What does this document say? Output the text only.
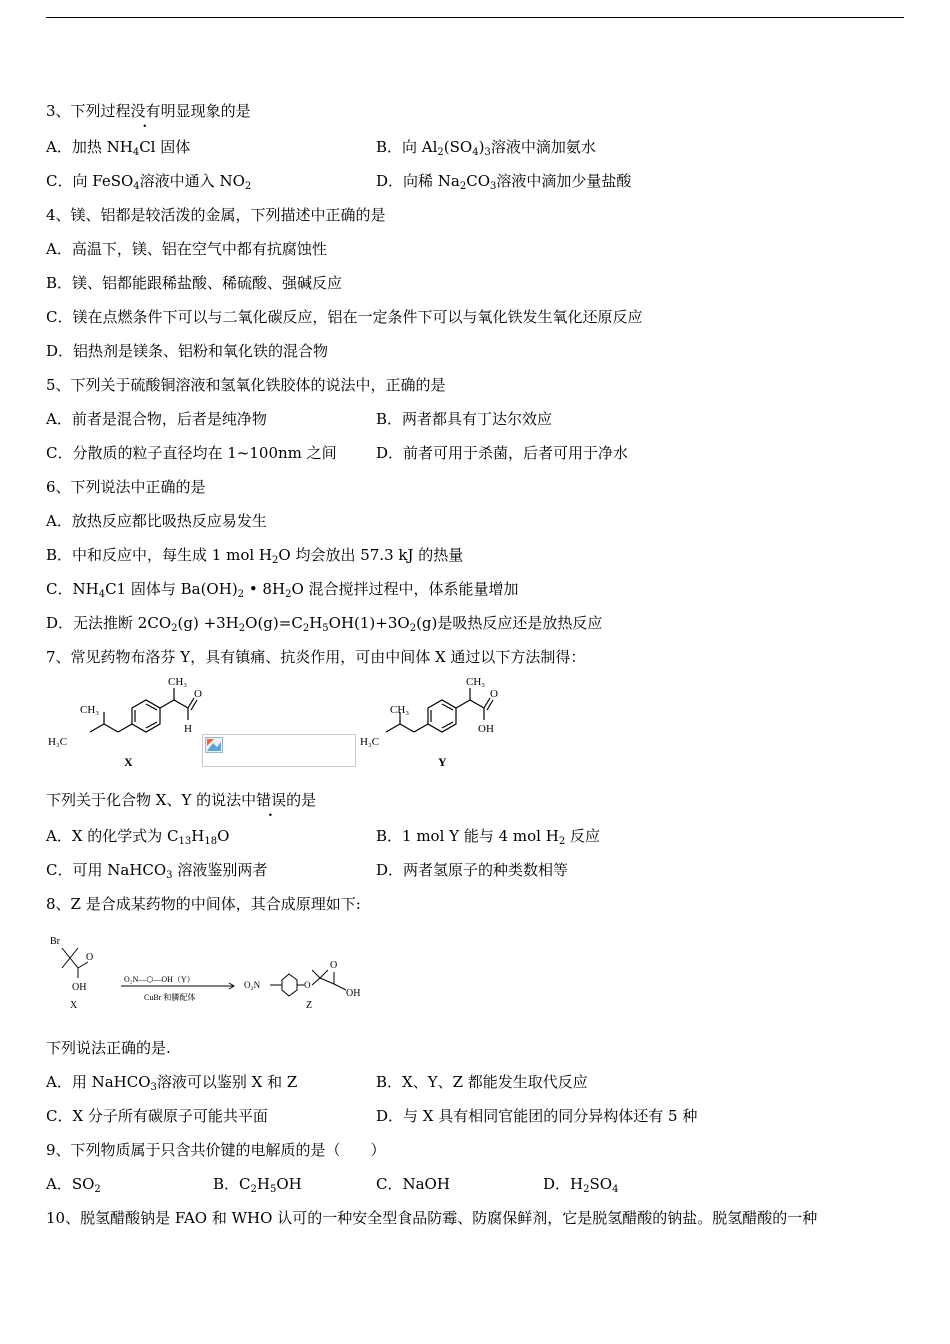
3、下列过程没有明显现象的是
A．加热 $NH_4Cl$ 固体	B．向 $Al_2(SO_4)_3$溶液中滴加氨水
C．向 FeSO$_4$溶液中通入 $NO_2$	D．向稀 $Na_2CO_3$溶液中滴加少量盐酸
4、镁、铝都是较活泼的金属，下列描述中正确的是
A．高温下，镁、铝在空气中都有抗腐蚀性
B．镁、铝都能跟稀盐酸、稀硫酸、强碱反应
C．镁在点燃条件下可以与二氧化碳反应，铝在一定条件下可以与氧化铁发生氧化还原反应
D．铝热剂是镁条、铝粉和氧化铁的混合物
5、下列关于硫酸铜溶液和氢氧化铁胶体的说法中，正确的是
A．前者是混合物，后者是纯净物	B．两者都具有丁达尔效应
C．分散质的粒子直径均在 1~100nm 之间	D．前者可用于杀菌，后者可用于净水
6、下列说法中正确的是
A．放热反应都比吸热反应易发生
B．中和反应中，每生成 1 mol $H_2O$ 均会放出 57.3 kJ 的热量
C．$NH_4C1$ 固体与 $Ba(OH)_2$ • $8H_2O$ 混合搅拌过程中，体系能量增加
D．无法推断 $2CO_2(g) +3H_2O(g)=C_2H_5OH(1)+3O_2(g)$是吸热反应还是放热反应
7、常见药物布洛芬 Y，具有镇痛、抗炎作用，可由中间体 X 通过以下方法制得：
CH₃
CH₃
H₃C
O
H
X
CH₃
CH₃
H₃C
O
OH
Y
下列关于化合物 X、Y 的说法中错误的是
A．X 的化学式为 $C_{13}H_{18}O$	B．1 mol Y 能与 4 mol $H_2$ 反应
C．可用 NaHCO$_3$ 溶液鉴别两者	D．两者氢原子的种类数相等
8、Z 是合成某药物的中间体，其合成原理如下:
Br
O
OH
X
O₂N—⬡—OH（Y）
CuBr 和膦配体
O₂N	O
O
OH
Z
下列说法正确的是.
A．用 NaHCO$_3$溶液可以鉴别 X 和 Z	B．X、Y、Z 都能发生取代反应
C．X 分子所有碳原子可能共平面	D．与 X 具有相同官能团的同分异构体还有 5 种
9、下列物质属于只含共价键的电解质的是（　　）
A．$SO_2$	B．$C_2H_5OH$	C．NaOH	D．$H_2SO_4$
10、脱氢醋酸钠是 FAO 和 WHO 认可的一种安全型食品防霉、防腐保鲜剂，它是脱氢醋酸的钠盐。脱氢醋酸的一种
